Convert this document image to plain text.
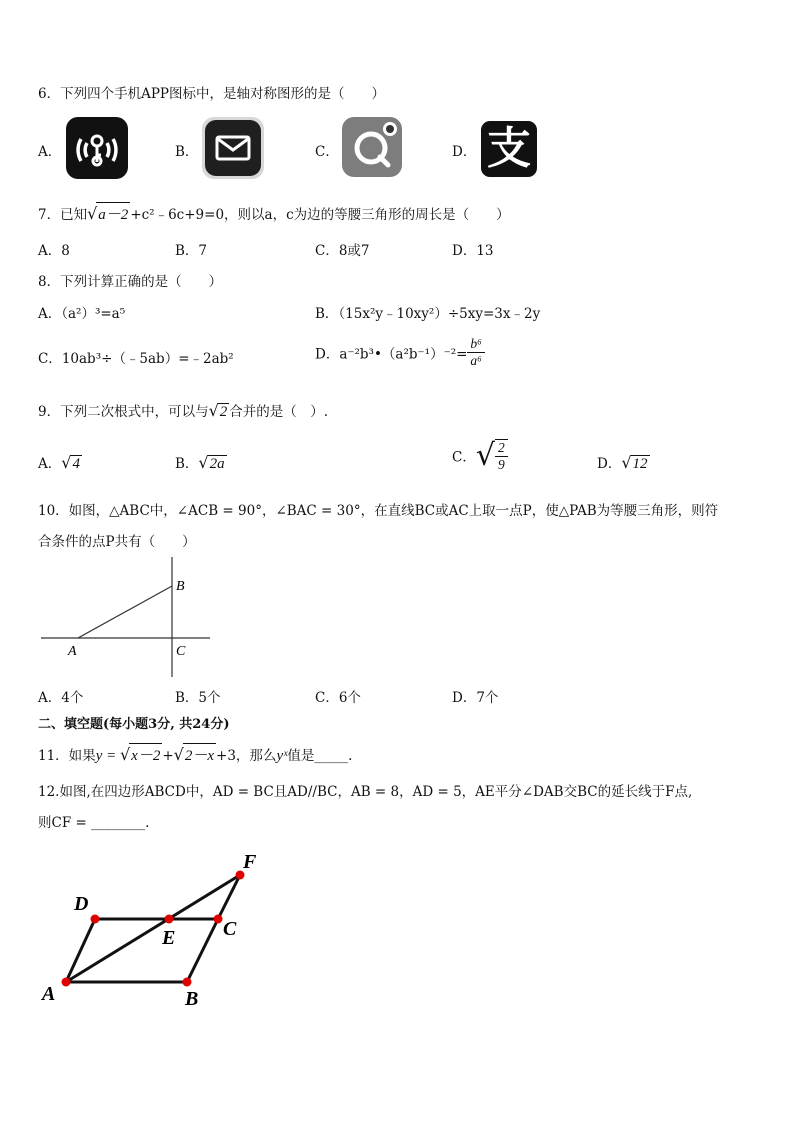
6．下列四个手机APP图标中，是轴对称图形的是（　　）
A．	B．	C．	D． 支
7．已知√a－2 +c²﹣6c+9=0，则以a，c为边的等腰三角形的周长是（　　）
A．8	B．7	C．8或7	D．13
8．下列计算正确的是（　　）
A．（a²）³=a⁵	B．（15x²y﹣10xy²）÷5xy=3x﹣2y
C．10ab³÷（﹣5ab）=﹣2ab²	D．a⁻²b³•（a²b⁻¹）⁻²= $\frac{\text{b⁶}}{\text{a⁶}}$
9．下列二次根式中，可以与√2 合并的是（　）.
A．√4	B．√2a	C．√ $\frac{2}{9}$	D．√12
10．如图，△ABC中，∠ACB = 90°，∠BAC = 30°，在直线BC或AC上取一点P，使△PAB为等腰三角形，则符
合条件的点P共有（　　）
A
B
C
A．4个	B．5个	C．6个	D．7个
二、填空题(每小题3分, 共24分)
11．如果y = √x－2 +√2－x +3，那么yˣ值是_____.
12.如图,在四边形ABCD中，AD = BC且AD//BC，AB = 8，AD = 5，AE平分∠DAB交BC的延长线于F点,
则CF = ________.
A	B
C
D
E
F
